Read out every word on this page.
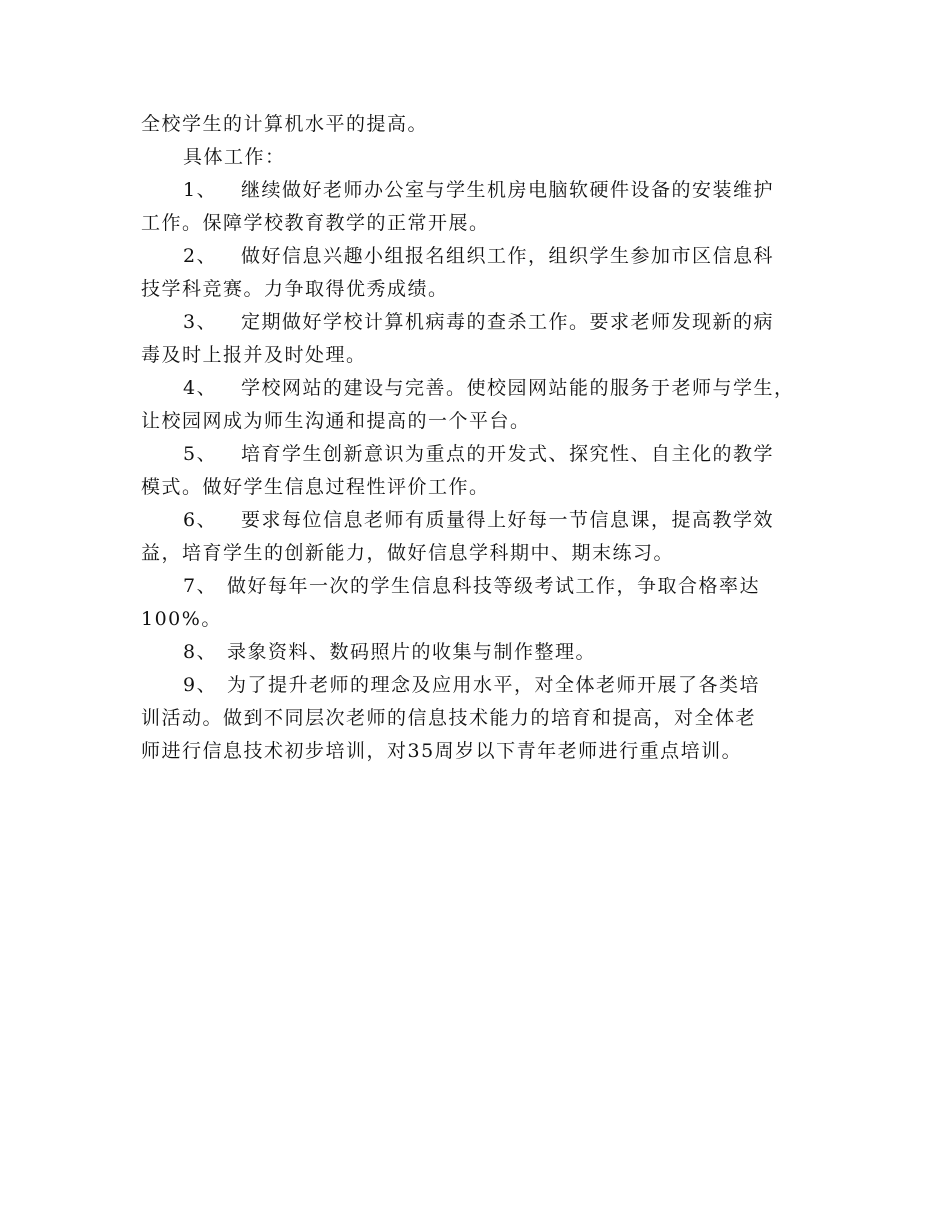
全校学生的计算机水平的提高。
具体工作：
1、 继续做好老师办公室与学生机房电脑软硬件设备的安装维护
工作。保障学校教育教学的正常开展。
2、 做好信息兴趣小组报名组织工作，组织学生参加市区信息科
技学科竞赛。力争取得优秀成绩。
3、 定期做好学校计算机病毒的查杀工作。要求老师发现新的病
毒及时上报并及时处理。
4、 学校网站的建设与完善。使校园网站能的服务于老师与学生，
让校园网成为师生沟通和提高的一个平台。
5、 培育学生创新意识为重点的开发式、探究性、自主化的教学
模式。做好学生信息过程性评价工作。
6、 要求每位信息老师有质量得上好每一节信息课，提高教学效
益，培育学生的创新能力，做好信息学科期中、期末练习。
7、 做好每年一次的学生信息科技等级考试工作，争取合格率达
100%。
8、 录象资料、数码照片的收集与制作整理。
9、 为了提升老师的理念及应用水平，对全体老师开展了各类培
训活动。做到不同层次老师的信息技术能力的培育和提高，对全体老
师进行信息技术初步培训，对35周岁以下青年老师进行重点培训。
